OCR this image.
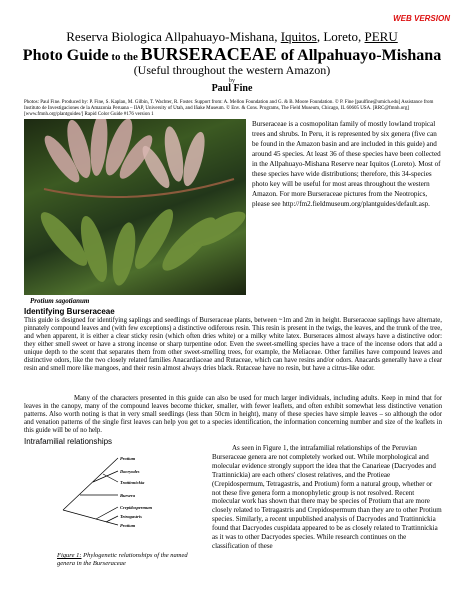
WEB VERSION
Reserva Biologica Allpahuayo-Mishana, Iquitos, Loreto, PERU
Photo Guide to the BURSERACEAE of Allpahuayo-Mishana
(Useful throughout the western Amazon)
by
Paul Fine
Photos: Paul Fine. Produced by: P. Fine, S. Kaplan, M. Gilbin, T. Wachter, R. Foster. Support from: A. Mellon Foundation and G. & B. Moore Foundation. © P. Fine [paulfine@umich.edu] Assistance from Instituto de Investigaciones de la Amazonia Peruana – IIAP, University of Utah, and Iñake Museum. © Env. & Cons. Programs, The Field Museum, Chicago, IL 60605 USA. [RRC@fmnh.org] [www.fmnh.org/plantguides/] Rapid Color Guide #176 version 1
Protium sagotianum
Burseraceae is a cosmopolitan family of mostly lowland tropical trees and shrubs. In Peru, it is represented by six genera (five can be found in the Amazon basin and are included in this guide) and around 45 species. At least 36 of these species have been collected in the Allpahuayo-Mishana Reserve near Iquitos (Loreto). Most of these species have wide distributions; therefore, this 34-species photo key will be useful for most areas throughout the western Amazon. For more Burseraceae pictures from the Neotropics, please see http://fm2.fieldmuseum.org/plantguides/default.asp.
Identifying Burseraceae
This guide is designed for identifying saplings and seedlings of Burseraceae plants, between ~1m and 2m in height. Burseraceae saplings have alternate, pinnately compound leaves and (with few exceptions) a distinctive odiferous resin. This resin is present in the twigs, the leaves, and the trunk of the tree, and when apparent, it is either a clear sticky resin (which often dries white) or a milky white latex. Burseraces almost always have a distinctive odor: they either smell sweet or have a strong incense or sharp turpentine odor. Even the sweet-smelling species have a trace of the incense odors that add a unique depth to the scent that separates them from other sweet-smelling trees, for example, the Meliaceae. Other families have compound leaves and distinctive odors, like the two closely related families Anacardiaceae and Rutaceae, which can have resins and/or odors. Anacards generally have a clear resin and smell more like mangoes, and their resin almost always dries black. Rutaceae have no resin, but have a citrus-like odor.
Many of the characters presented in this guide can also be used for much larger individuals, including adults. Keep in mind that for leaves in the canopy, many of the compound leaves become thicker, smaller, with fewer leaflets, and often exhibit somewhat less distinctive venation patterns. Also worth noting is that in very small seedlings (less than 50cm in height), many of these species have simple leaves – so although the odor and venation patterns of the single first leaves can help you get to a species identification, the information concerning number and size of the leaflets in this guide will be of no help.
Intrafamilial relationships
Protium
Dacryodes
Trattinnickia
Bursera
Crepidospermum
Tetragastris
Protium
Figure 1: Phylogenetic relationships of the named genera in the Burseraceae
As seen in Figure 1, the intrafamilial relationships of the Peruvian Burseraceae genera are not completely worked out. While morphological and molecular evidence strongly support the idea that the Canarieae (Dacryodes and Trattinnickia) are each others' closest relatives, and the Protieae (Crepidospermum, Tetragastris, and Protium) form a natural group, whether or not these five genera form a monophyletic group is not resolved. Recent molecular work has shown that there may be species of Protium that are more closely related to Tetragastris and Crepidospermum than they are to other Protium species. Similarly, a recent unpublished analysis of Dacryodes and Trattinnickia found that Dacryodes cuspidata appeared to be as closely related to Trattinnickia as it was to other Dacryodes species. While research continues on the classification of these
